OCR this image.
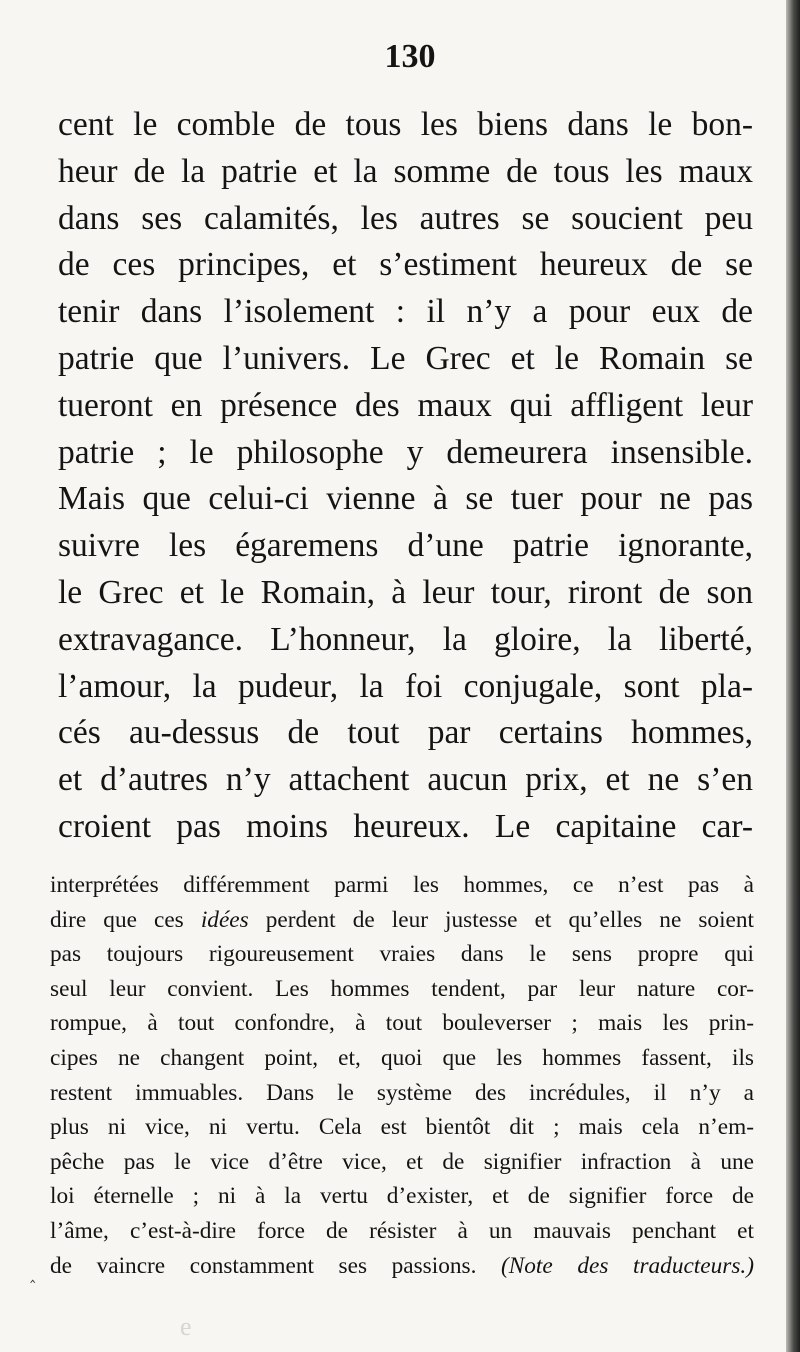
130
cent le comble de tous les biens dans le bon-
heur de la patrie et la somme de tous les maux
dans ses calamités, les autres se soucient peu
de ces principes, et s’estiment heureux de se
tenir dans l’isolement : il n’y a pour eux de
patrie que l’univers. Le Grec et le Romain se
tueront en présence des maux qui affligent leur
patrie ; le philosophe y demeurera insensible.
Mais que celui-ci vienne à se tuer pour ne pas
suivre les égaremens d’une patrie ignorante,
le Grec et le Romain, à leur tour, riront de son
extravagance. L’honneur, la gloire, la liberté,
l’amour, la pudeur, la foi conjugale, sont pla-
cés au-dessus de tout par certains hommes,
et d’autres n’y attachent aucun prix, et ne s’en
croient pas moins heureux. Le capitaine car-
interprétées différemment parmi les hommes, ce n’est pas à
dire que ces idées perdent de leur justesse et qu’elles ne soient
pas toujours rigoureusement vraies dans le sens propre qui
seul leur convient. Les hommes tendent, par leur nature cor-
rompue, à tout confondre, à tout bouleverser ; mais les prin-
cipes ne changent point, et, quoi que les hommes fassent, ils
restent immuables. Dans le système des incrédules, il n’y a
plus ni vice, ni vertu. Cela est bientôt dit ; mais cela n’em-
pêche pas le vice d’être vice, et de signifier infraction à une
loi éternelle ; ni à la vertu d’exister, et de signifier force de
l’âme, c’est-à-dire force de résister à un mauvais penchant et
de vaincre constamment ses passions. (Note des traducteurs.)
‸
e
